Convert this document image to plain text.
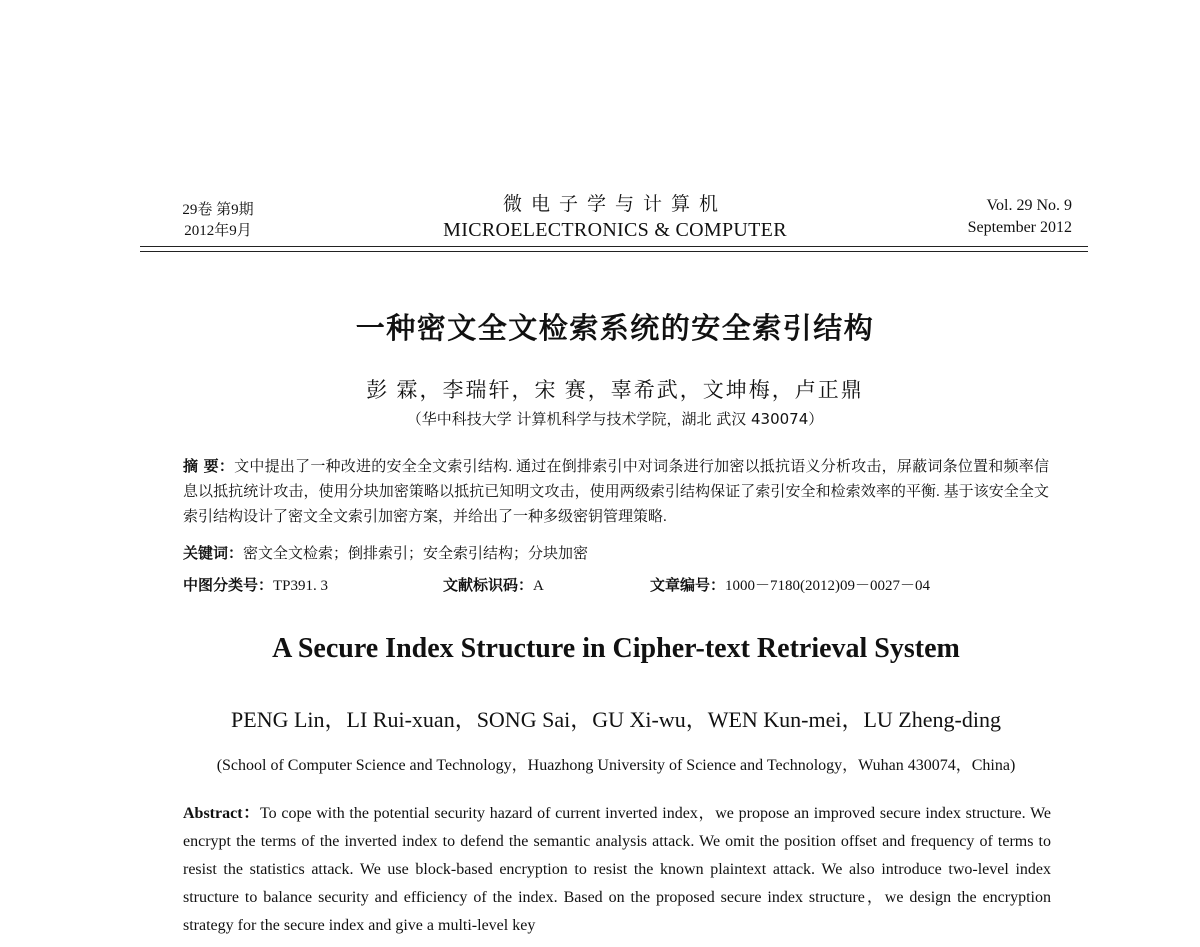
29卷 第9期
2012年9月
微电子学与计算机
MICROELECTRONICS & COMPUTER
Vol. 29 No. 9
September 2012
一种密文全文检索系统的安全索引结构
彭 霖，李瑞轩，宋 赛，辜希武，文坤梅，卢正鼎
（华中科技大学 计算机科学与技术学院，湖北 武汉 430074）
摘 要：文中提出了一种改进的安全全文索引结构. 通过在倒排索引中对词条进行加密以抵抗语义分析攻击，屏蔽词条位置和频率信息以抵抗统计攻击，使用分块加密策略以抵抗已知明文攻击，使用两级索引结构保证了索引安全和检索效率的平衡. 基于该安全全文索引结构设计了密文全文索引加密方案，并给出了一种多级密钥管理策略.
关键词：密文全文检索；倒排索引；安全索引结构；分块加密
中图分类号：TP391. 3	文献标识码：A	文章编号：1000－7180(2012)09－0027－04
A Secure Index Structure in Cipher-text Retrieval System
PENG Lin，LI Rui-xuan，SONG Sai，GU Xi-wu，WEN Kun-mei，LU Zheng-ding
(School of Computer Science and Technology，Huazhong University of Science and Technology，Wuhan 430074，China)
Abstract：To cope with the potential security hazard of current inverted index，we propose an improved secure index structure. We encrypt the terms of the inverted index to defend the semantic analysis attack. We omit the position offset and frequency of terms to resist the statistics attack. We use block-based encryption to resist the known plaintext attack. We also introduce two-level index structure to balance security and efficiency of the index. Based on the proposed secure index structure，we design the encryption strategy for the secure index and give a multi-level key
